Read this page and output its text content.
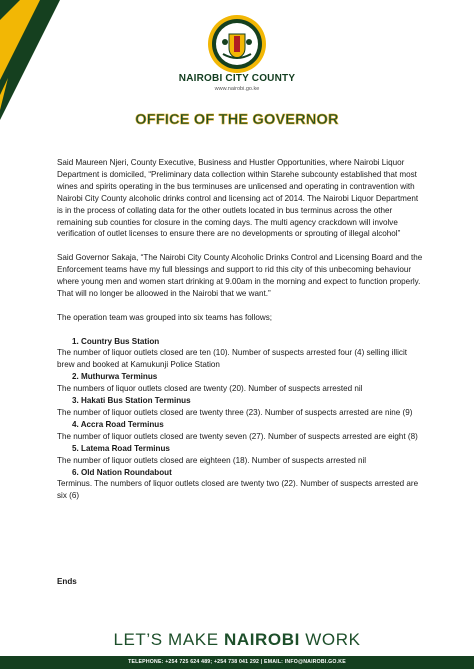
NAIROBI CITY COUNTY
www.nairobi.go.ke
OFFICE OF THE GOVERNOR

Said Maureen Njeri, County Executive, Business and Hustler Opportunities, where Nairobi Liquor Department is domiciled, “Preliminary data collection within Starehe subcounty established that most wines and spirits operating in the bus terminuses are unlicensed and operating in contravention with Nairobi City County alcoholic drinks control and licensing act of 2014. The Nairobi Liquor Department is in the process of collating data for the other outlets located in bus terminus across the other remaining sub counties for closure in the coming days. The multi agency crackdown will involve verification of outlet licenses to ensure there are no developments or sprouting of illegal alcohol”

Said Governor Sakaja, “The Nairobi City County Alcoholic Drinks Control and Licensing Board and the Enforcement teams have my full blessings and support to rid this city of this unbecoming behaviour where young men and women start drinking at 9.00am in the morning and expect to function properly. That will no longer be alloowed in the Nairobi that we want.”

The operation team was grouped into six teams has follows;

1. Country Bus Station
The number of liquor outlets closed are ten (10). Number of suspects arrested four (4) selling illicit brew and booked at Kamukunji Police Station
2. Muthurwa Terminus
The numbers of liquor outlets closed are twenty (20). Number of suspects arrested nil
3. Hakati Bus Station Terminus
The number of liquor outlets closed are twenty three (23). Number of suspects arrested are nine (9)
4. Accra Road Terminus
The number of liquor outlets closed are twenty seven (27). Number of suspects arrested are eight (8)
5. Latema Road Terminus
The number of liquor outlets closed are eighteen (18). Number of suspects arrested nil
6. Old Nation Roundabout
Terminus. The numbers of liquor outlets closed are twenty two (22). Number of suspects arrested are six (6)
Ends
LET’S MAKE NAIROBI WORK
TELEPHONE: +254 725 624 489; +254 738 041 292 | EMAIL: INFO@NAIROBI.GO.KE
